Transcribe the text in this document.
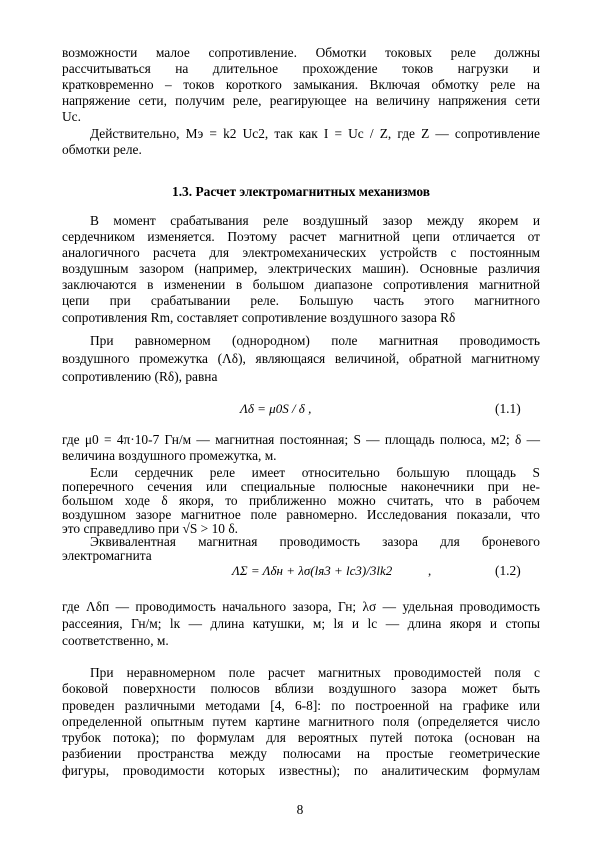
возможности малое сопротивление. Обмотки токовых реле должны
рассчитываться на длительное прохождение токов нагрузки и
кратковременно – токов короткого замыкания. Включая обмотку реле на
напряжение сети, получим реле, реагирующее на величину напряжения сети
Uc.
Действительно, Mэ = k2 Uc2, так как I = Uc / Z, где Z — сопротивление
обмотки реле.
1.3. Расчет электромагнитных механизмов
В момент срабатывания реле воздушный зазор между якорем и
сердечником изменяется. Поэтому расчет магнитной цепи отличается от
аналогичного расчета для электромеханических устройств с постоянным
воздушным зазором (например, электрических машин). Основные различия
заключаются в изменении в большом диапазоне сопротивления магнитной
цепи при срабатывании реле. Большую часть этого магнитного
сопротивления Rm, составляет сопротивление воздушного зазора Rδ
При равномерном (однородном) поле магнитная проводимость
воздушного промежутка (Λδ), являющаяся величиной, обратной магнитному
сопротивлению (Rδ), равна
Λδ = μ0S / δ ,	(1.1)
где μ0 = 4π·10-7 Гн/м — магнитная постоянная; S — площадь полюса, м2; δ —
величина воздушного промежутка, м.
Если сердечник реле имеет относительно большую площадь S
поперечного сечения или специальные полюсные наконечники при не-
большом ходе δ якоря, то приближенно можно считать, что в рабочем
воздушном зазоре магнитное поле равномерно. Исследования показали, что
это справедливо при √S > 10 δ.
Эквивалентная магнитная проводимость зазора для броневого
электромагнита
ΛΣ = Λδн + λσ(lя3 + lс3)/3lk2	,	(1.2)
где Λδп — проводимость начального зазора, Гн; λσ — удельная проводимость
рассеяния, Гн/м; lк — длина катушки, м; lя и lс — длина якоря и стопы
соответственно, м.
При неравномерном поле расчет магнитных проводимостей поля с
боковой поверхности полюсов вблизи воздушного зазора может быть
проведен различными методами [4, 6-8]: по построенной на графике или
определенной опытным путем картине магнитного поля (определяется число
трубок потока); по формулам для вероятных путей потока (основан на
разбиении пространства между полюсами на простые геометрические
фигуры, проводимости которых известны); по аналитическим формулам
8
